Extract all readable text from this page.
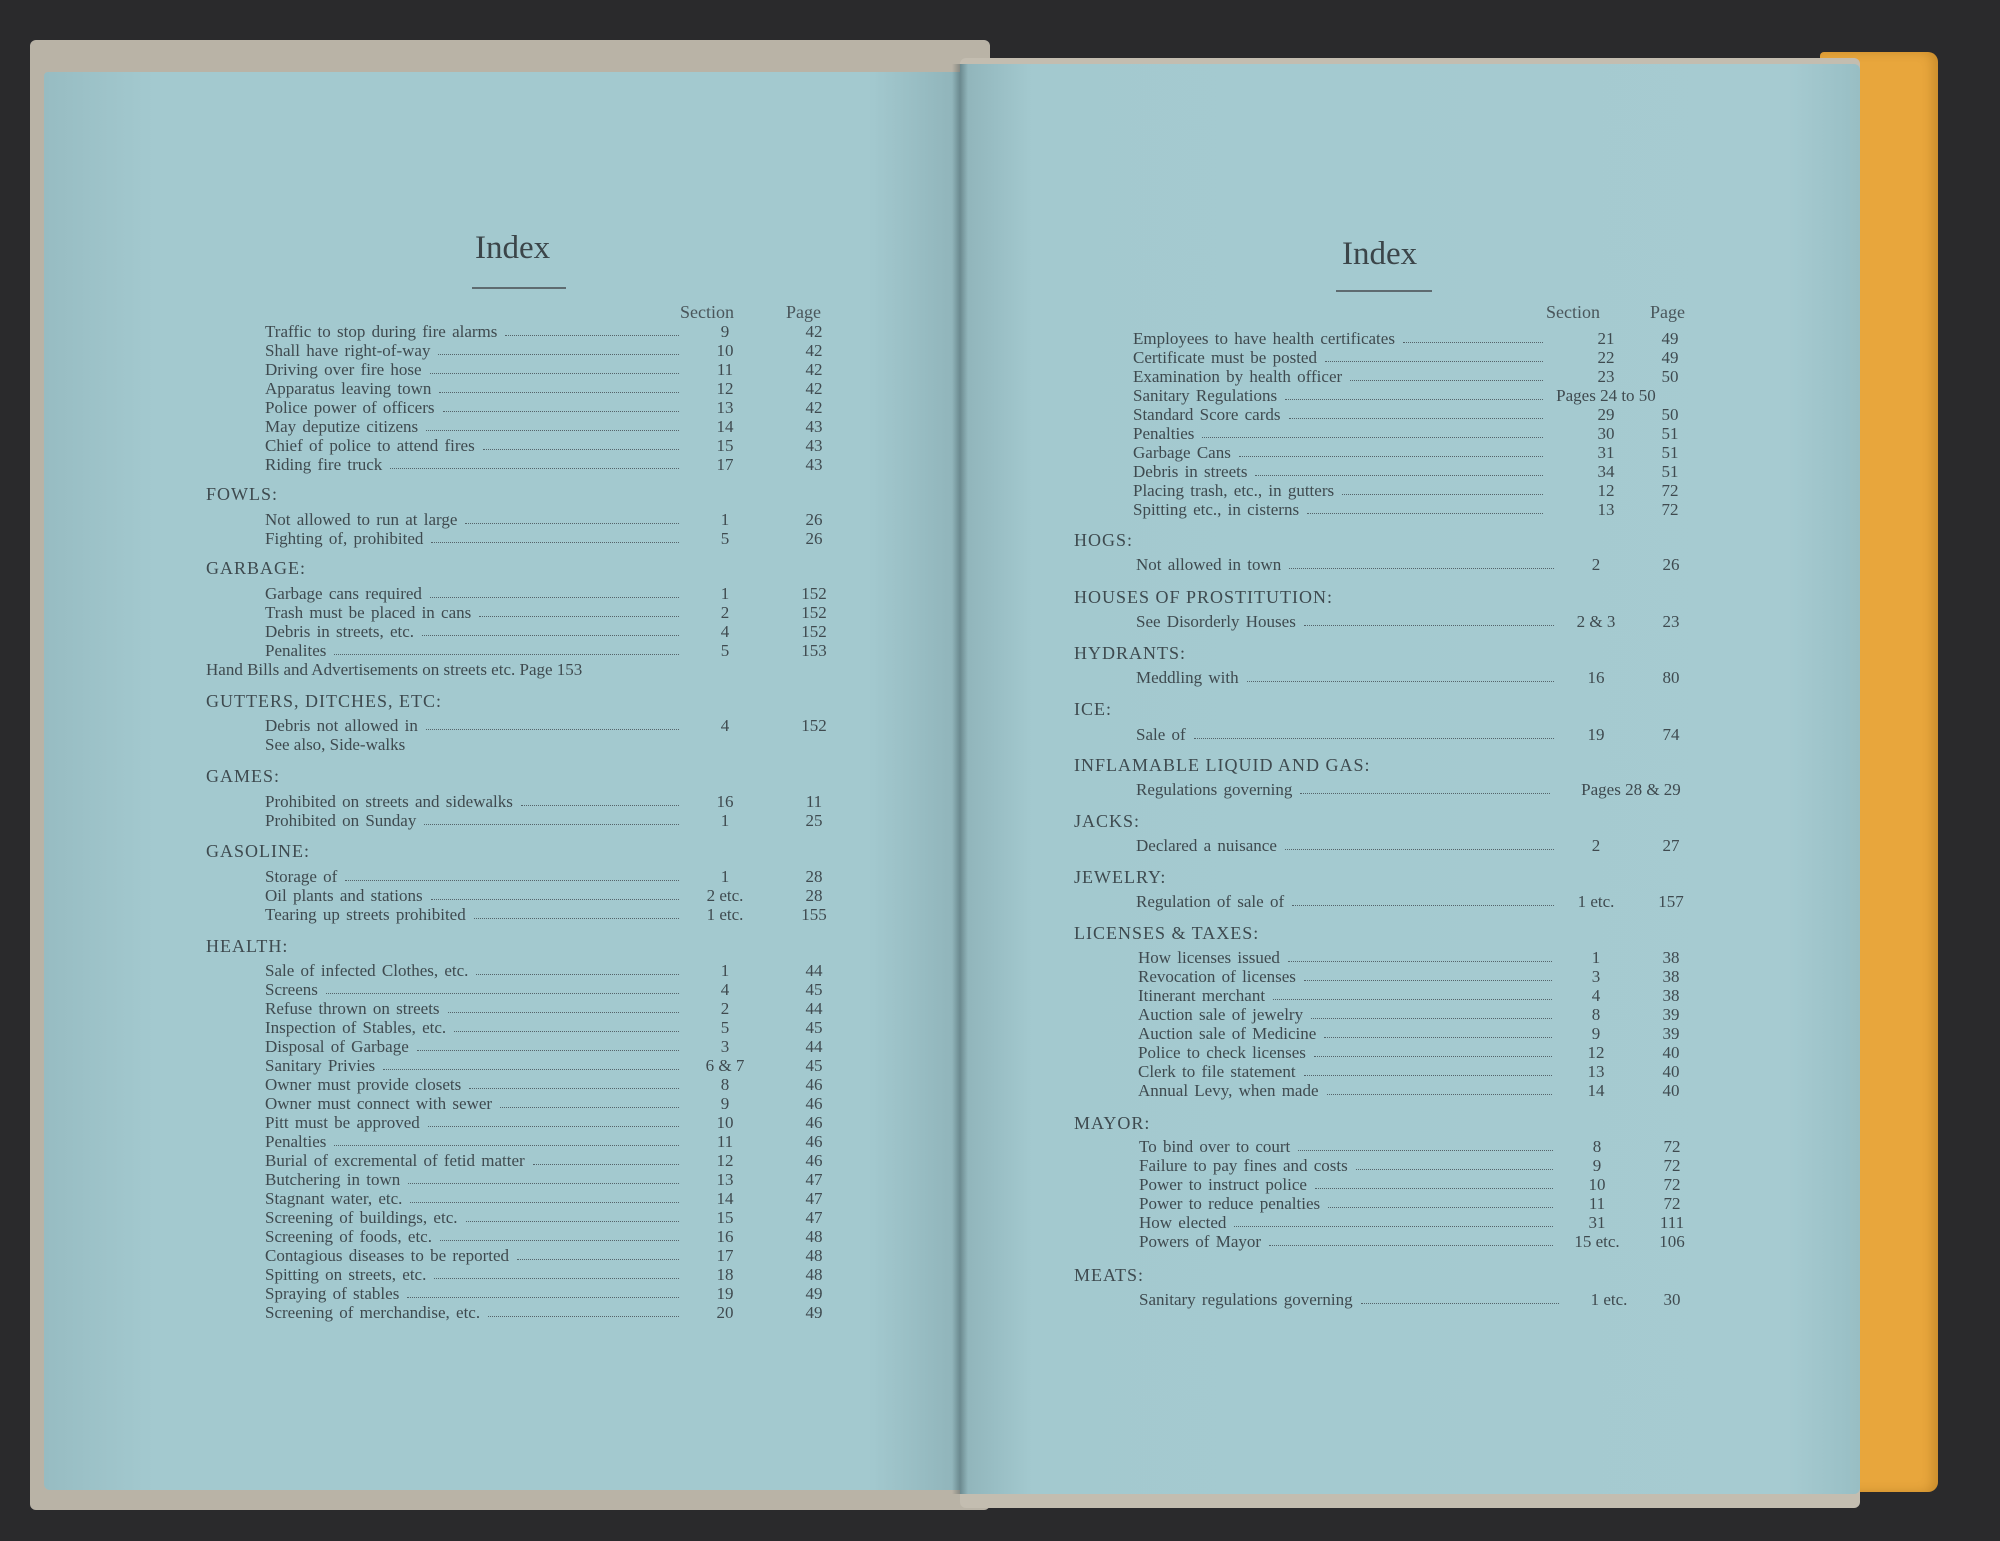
Index
Section	Page
Index
Section	Page
Traffic to stop during fire alarms	9	42
Shall have right-of-way	10	42
Driving over fire hose	11	42
Apparatus leaving town	12	42
Police power of officers	13	42
May deputize citizens	14	43
Chief of police to attend fires	15	43
Riding fire truck	17	43
FOWLS:
Not allowed to run at large	1	26
Fighting of, prohibited	5	26
GARBAGE:
Garbage cans required	1	152
Trash must be placed in cans	2	152
Debris in streets, etc.	4	152
Penalites	5	153
Hand Bills and Advertisements on streets etc. Page 153
GUTTERS, DITCHES, ETC:
Debris not allowed in	4	152
See also, Side-walks
GAMES:
Prohibited on streets and sidewalks	16	11
Prohibited on Sunday	1	25
GASOLINE:
Storage of	1	28
Oil plants and stations	2 etc.	28
Tearing up streets prohibited	1 etc.	155
HEALTH:
Sale of infected Clothes, etc.	1	44
Screens	4	45
Refuse thrown on streets	2	44
Inspection of Stables, etc.	5	45
Disposal of Garbage	3	44
Sanitary Privies	6 & 7	45
Owner must provide closets	8	46
Owner must connect with sewer	9	46
Pitt must be approved	10	46
Penalties	11	46
Burial of excremental of fetid matter	12	46
Butchering in town	13	47
Stagnant water, etc.	14	47
Screening of buildings, etc.	15	47
Screening of foods, etc.	16	48
Contagious diseases to be reported	17	48
Spitting on streets, etc.	18	48
Spraying of stables	19	49
Screening of merchandise, etc.	20	49
Employees to have health certificates	21	49
Certificate must be posted	22	49
Examination by health officer	23	50
Sanitary Regulations	Pages 24 to 50
Standard Score cards	29	50
Penalties	30	51
Garbage Cans	31	51
Debris in streets	34	51
Placing trash, etc., in gutters	12	72
Spitting etc., in cisterns	13	72
HOGS:
Not allowed in town	2	26
HOUSES OF PROSTITUTION:
See Disorderly Houses	2 & 3	23
HYDRANTS:
Meddling with	16	80
ICE:
Sale of	19	74
INFLAMABLE LIQUID AND GAS:
Regulations governing	Pages 28 & 29
JACKS:
Declared a nuisance	2	27
JEWELRY:
Regulation of sale of	1 etc.	157
LICENSES & TAXES:
How licenses issued	1	38
Revocation of licenses	3	38
Itinerant merchant	4	38
Auction sale of jewelry	8	39
Auction sale of Medicine	9	39
Police to check licenses	12	40
Clerk to file statement	13	40
Annual Levy, when made	14	40
MAYOR:
To bind over to court	8	72
Failure to pay fines and costs	9	72
Power to instruct police	10	72
Power to reduce penalties	11	72
How elected	31	111
Powers of Mayor	15 etc.	106
MEATS:
Sanitary regulations governing	1 etc.	30
